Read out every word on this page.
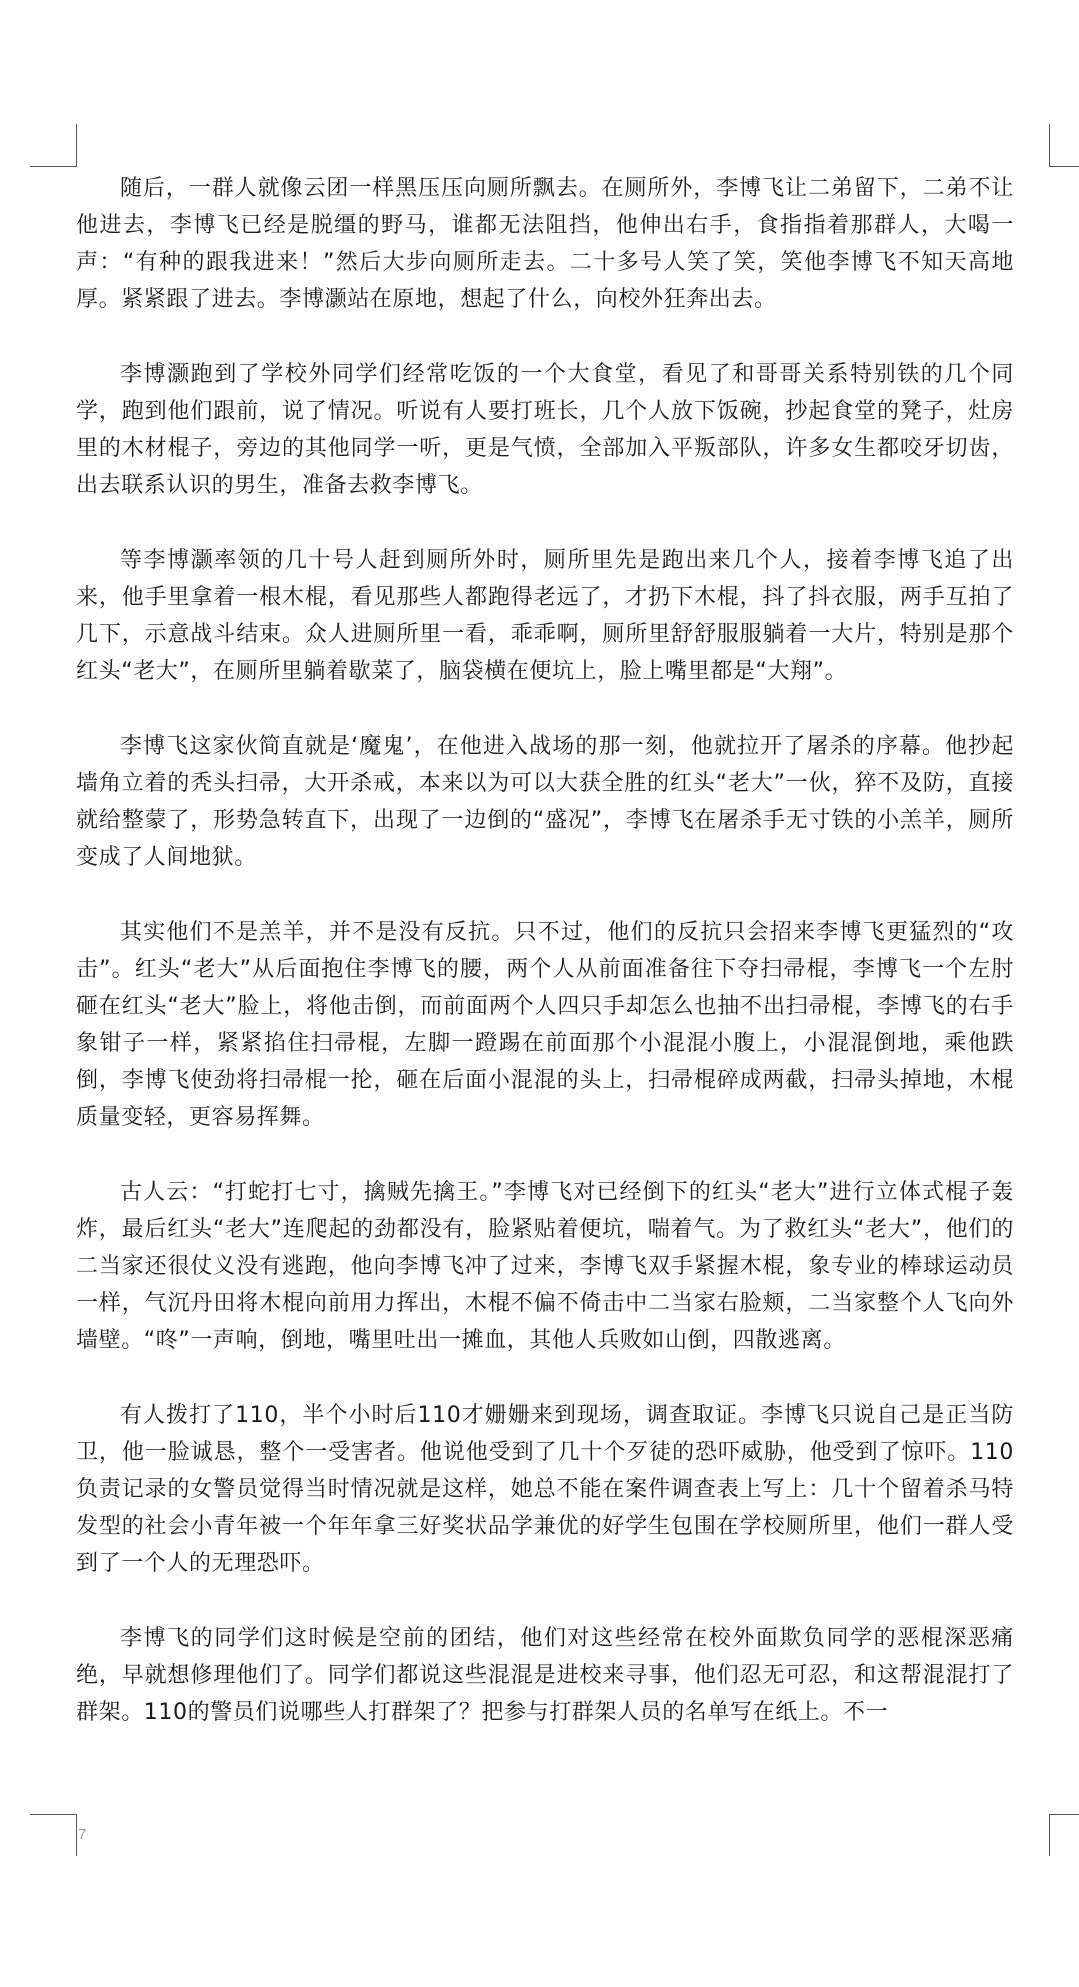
随后，一群人就像云团一样黑压压向厕所飘去。在厕所外，李博飞让二弟留下，二弟不让他进去，李博飞已经是脱缰的野马，谁都无法阻挡，他伸出右手，食指指着那群人，大喝一声：“有种的跟我进来！”然后大步向厕所走去。二十多号人笑了笑，笑他李博飞不知天高地厚。紧紧跟了进去。李博灏站在原地，想起了什么，向校外狂奔出去。

李博灏跑到了学校外同学们经常吃饭的一个大食堂，看见了和哥哥关系特别铁的几个同学，跑到他们跟前，说了情况。听说有人要打班长，几个人放下饭碗，抄起食堂的凳子，灶房里的木材棍子，旁边的其他同学一听，更是气愤，全部加入平叛部队，许多女生都咬牙切齿，出去联系认识的男生，准备去救李博飞。

等李博灏率领的几十号人赶到厕所外时，厕所里先是跑出来几个人，接着李博飞追了出来，他手里拿着一根木棍，看见那些人都跑得老远了，才扔下木棍，抖了抖衣服，两手互拍了几下，示意战斗结束。众人进厕所里一看，乖乖啊，厕所里舒舒服服躺着一大片，特别是那个红头“老大”，在厕所里躺着歇菜了，脑袋横在便坑上，脸上嘴里都是“大翔”。

李博飞这家伙简直就是‘魔鬼’，在他进入战场的那一刻，他就拉开了屠杀的序幕。他抄起墙角立着的秃头扫帚，大开杀戒，本来以为可以大获全胜的红头“老大”一伙，猝不及防，直接就给整蒙了，形势急转直下，出现了一边倒的“盛况”，李博飞在屠杀手无寸铁的小羔羊，厕所变成了人间地狱。

其实他们不是羔羊，并不是没有反抗。只不过，他们的反抗只会招来李博飞更猛烈的“攻击”。红头“老大”从后面抱住李博飞的腰，两个人从前面准备往下夺扫帚棍，李博飞一个左肘砸在红头“老大”脸上，将他击倒，而前面两个人四只手却怎么也抽不出扫帚棍，李博飞的右手象钳子一样，紧紧掐住扫帚棍，左脚一蹬踢在前面那个小混混小腹上，小混混倒地，乘他跌倒，李博飞使劲将扫帚棍一抡，砸在后面小混混的头上，扫帚棍碎成两截，扫帚头掉地，木棍质量变轻，更容易挥舞。

古人云：“打蛇打七寸，擒贼先擒王。”李博飞对已经倒下的红头“老大”进行立体式棍子轰炸，最后红头“老大”连爬起的劲都没有，脸紧贴着便坑，喘着气。为了救红头“老大”，他们的二当家还很仗义没有逃跑，他向李博飞冲了过来，李博飞双手紧握木棍，象专业的棒球运动员一样，气沉丹田将木棍向前用力挥出，木棍不偏不倚击中二当家右脸颊，二当家整个人飞向外墙壁。“咚”一声响，倒地，嘴里吐出一摊血，其他人兵败如山倒，四散逃离。

有人拨打了110，半个小时后110才姗姗来到现场，调查取证。李博飞只说自己是正当防卫，他一脸诚恳，整个一受害者。他说他受到了几十个歹徒的恐吓威胁，他受到了惊吓。110负责记录的女警员觉得当时情况就是这样，她总不能在案件调查表上写上：几十个留着杀马特发型的社会小青年被一个年年拿三好奖状品学兼优的好学生包围在学校厕所里，他们一群人受到了一个人的无理恐吓。

李博飞的同学们这时候是空前的团结，他们对这些经常在校外面欺负同学的恶棍深恶痛绝，早就想修理他们了。同学们都说这些混混是进校来寻事，他们忍无可忍，和这帮混混打了群架。110的警员们说哪些人打群架了？把参与打群架人员的名单写在纸上。不一

7
